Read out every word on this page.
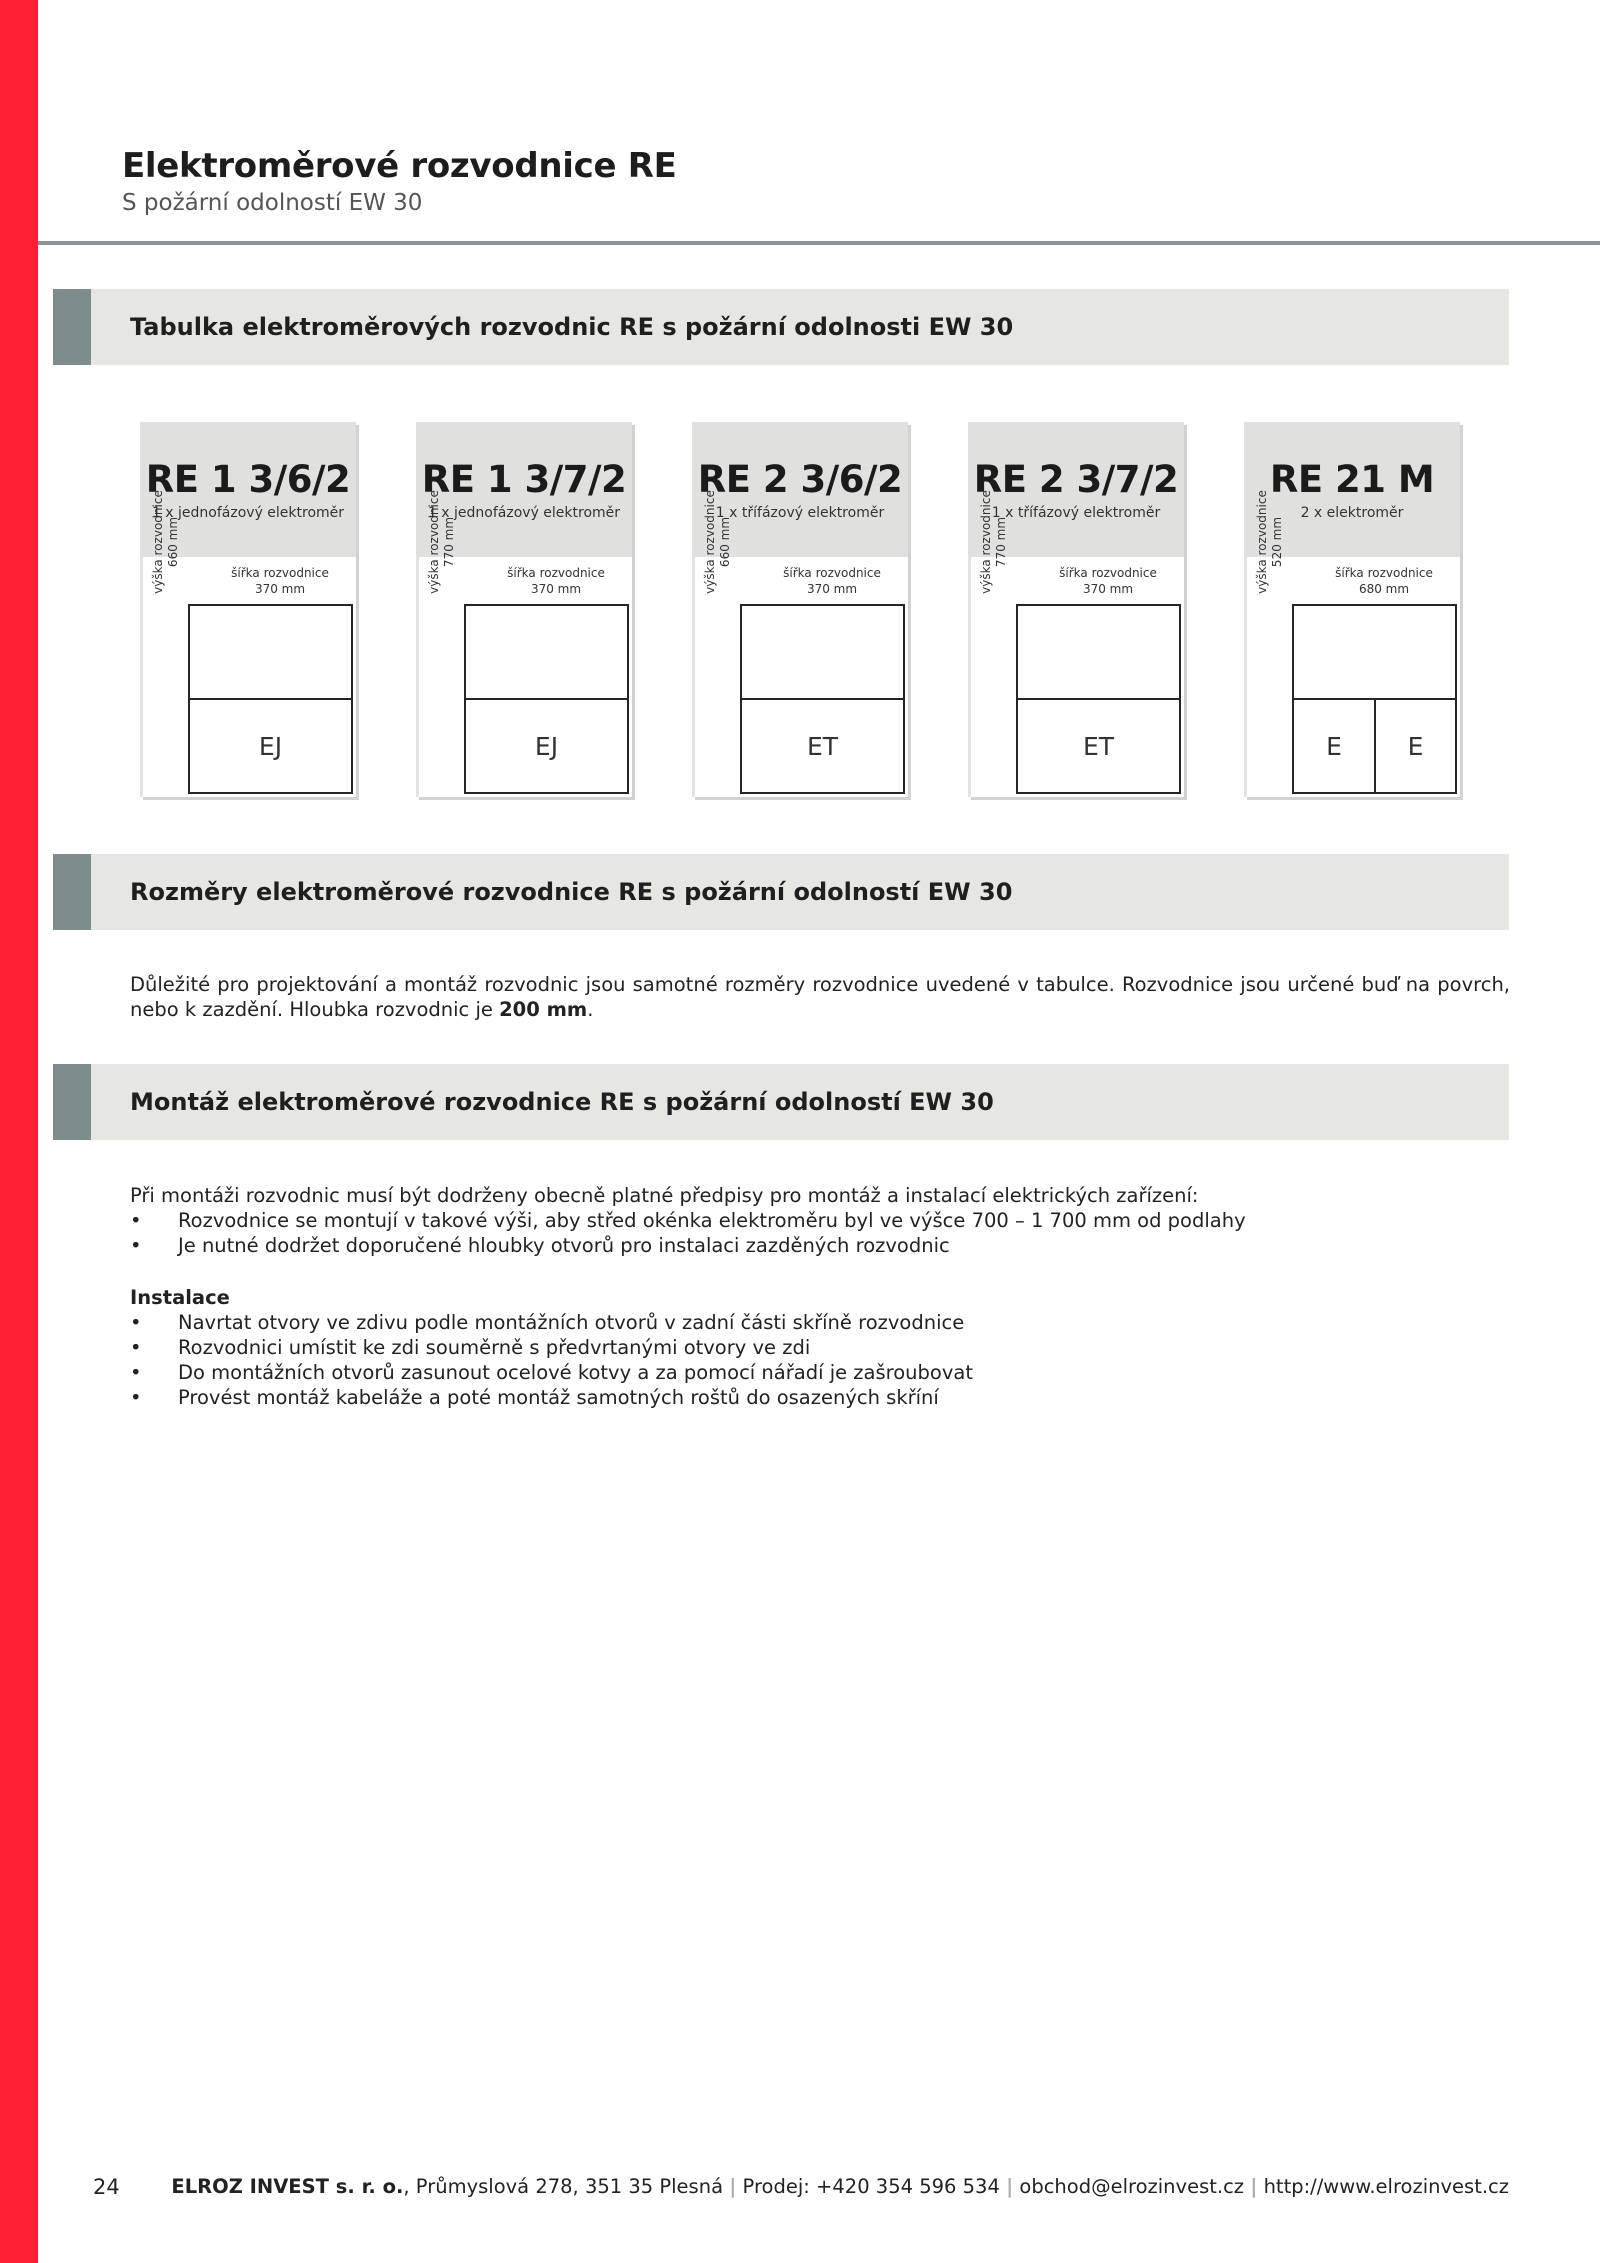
Elektroměrové rozvodnice RE
S požární odolností EW 30
Tabulka elektroměrových rozvodnic RE s požární odolnosti EW 30
RE 1 3/6/2
1 x jednofázový elektroměr
šířka rozvodnice
370 mm
výška rozvodnice 660 mm
EJ
RE 1 3/7/2
1 x jednofázový elektroměr
šířka rozvodnice
370 mm
výška rozvodnice 770 mm
EJ
RE 2 3/6/2
1 x třífázový elektroměr
šířka rozvodnice
370 mm
výška rozvodnice 660 mm
ET
RE 2 3/7/2
1 x třífázový elektroměr
šířka rozvodnice
370 mm
výška rozvodnice 770 mm
ET
RE 21 M
2 x elektroměr
šířka rozvodnice
680 mm
výška rozvodnice 520 mm
E	E
Rozměry elektroměrové rozvodnice RE s požární odolností EW 30

Důležité pro projektování a montáž rozvodnic jsou samotné rozměry rozvodnice uvedené v tabulce. Rozvodnice jsou určené buď na povrch, nebo k zazdění. Hloubka rozvodnic je 200 mm.

Montáž elektroměrové rozvodnice RE s požární odolností EW 30
Při montáži rozvodnic musí být dodrženy obecně platné předpisy pro montáž a instalací elektrických zařízení:
• Rozvodnice se montují v takové výši, aby střed okénka elektroměru byl ve výšce 700 – 1 700 mm od podlahy
• Je nutné dodržet doporučené hloubky otvorů pro instalaci zazděných rozvodnic
Instalace
• Navrtat otvory ve zdivu podle montážních otvorů v zadní části skříně rozvodnice
• Rozvodnici umístit ke zdi souměrně s předvrtanými otvory ve zdi
• Do montážních otvorů zasunout ocelové kotvy a za pomocí nářadí je zašroubovat
• Provést montáž kabeláže a poté montáž samotných roštů do osazených skříní
24	ELROZ INVEST s. r. o., Průmyslová 278, 351 35 Plesná | Prodej: +420 354 596 534 | obchod@elrozinvest.cz | http://www.elrozinvest.cz
